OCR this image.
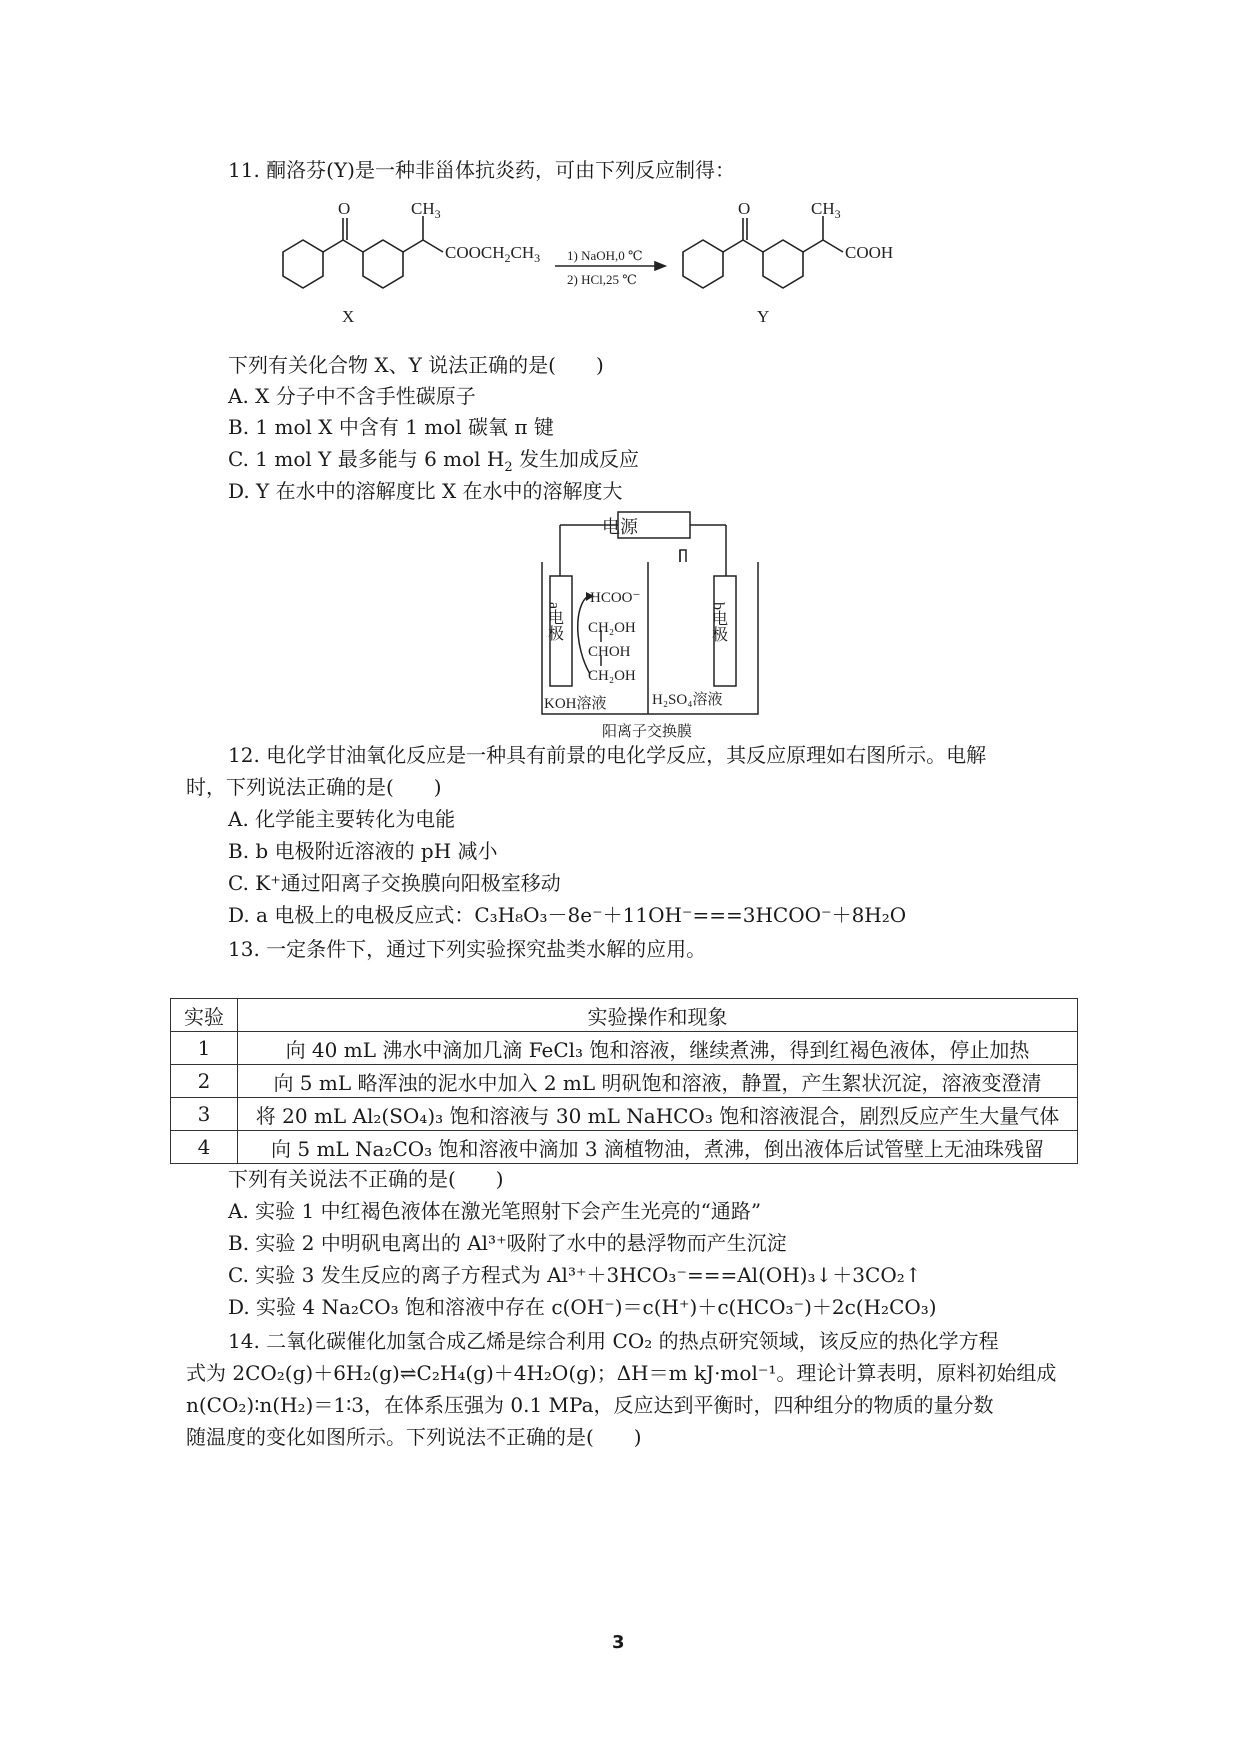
11. 酮洛芬(Y)是一种非甾体抗炎药，可由下列反应制得：
O	$CH_3$
$COOCH_2CH_3$
X
O	$CH_3$
COOH
Y
1) NaOH,0 ℃
2) HCl,25 ℃
下列有关化合物 X、Y 说法正确的是(　　)
A. X 分子中不含手性碳原子
B. 1 mol X 中含有 1 mol 碳氧 π 键
C. 1 mol Y 最多能与 6 mol $H_2$ 发生加成反应
D. Y 在水中的溶解度比 X 在水中的溶解度大
电源
a电极	b电极
HCOO⁻
CH₂OH
CHOH
CH₂OH
KOH溶液	H₂SO₄溶液
阳离子交换膜
12. 电化学甘油氧化反应是一种具有前景的电化学反应，其反应原理如右图所示。电解
时，下列说法正确的是(　　)
A. 化学能主要转化为电能
B. b 电极附近溶液的 pH 减小
C. K⁺通过阳离子交换膜向阳极室移动
D. a 电极上的电极反应式：C₃H₈O₃－8e⁻＋11OH⁻===3HCOO⁻＋8H₂O
13. 一定条件下，通过下列实验探究盐类水解的应用。
实验	实验操作和现象
1	向 40 mL 沸水中滴加几滴 FeCl₃ 饱和溶液，继续煮沸，得到红褐色液体，停止加热
2	向 5 mL 略浑浊的泥水中加入 2 mL 明矾饱和溶液，静置，产生絮状沉淀，溶液变澄清
3	将 20 mL Al₂(SO₄)₃ 饱和溶液与 30 mL NaHCO₃ 饱和溶液混合，剧烈反应产生大量气体
4	向 5 mL Na₂CO₃ 饱和溶液中滴加 3 滴植物油，煮沸，倒出液体后试管壁上无油珠残留
下列有关说法不正确的是(　　)
A. 实验 1 中红褐色液体在激光笔照射下会产生光亮的“通路”
B. 实验 2 中明矾电离出的 Al³⁺吸附了水中的悬浮物而产生沉淀
C. 实验 3 发生反应的离子方程式为 Al³⁺＋3HCO₃⁻===Al(OH)₃↓＋3CO₂↑
D. 实验 4 Na₂CO₃ 饱和溶液中存在 c(OH⁻)＝c(H⁺)＋c(HCO₃⁻)＋2c(H₂CO₃)
14. 二氧化碳催化加氢合成乙烯是综合利用 CO₂ 的热点研究领域，该反应的热化学方程
式为 2CO₂(g)＋6H₂(g)⇌C₂H₄(g)＋4H₂O(g)；ΔH＝m kJ·mol⁻¹。理论计算表明，原料初始组成
n(CO₂)∶n(H₂)＝1∶3，在体系压强为 0.1 MPa，反应达到平衡时，四种组分的物质的量分数
随温度的变化如图所示。下列说法不正确的是(　　)
3
